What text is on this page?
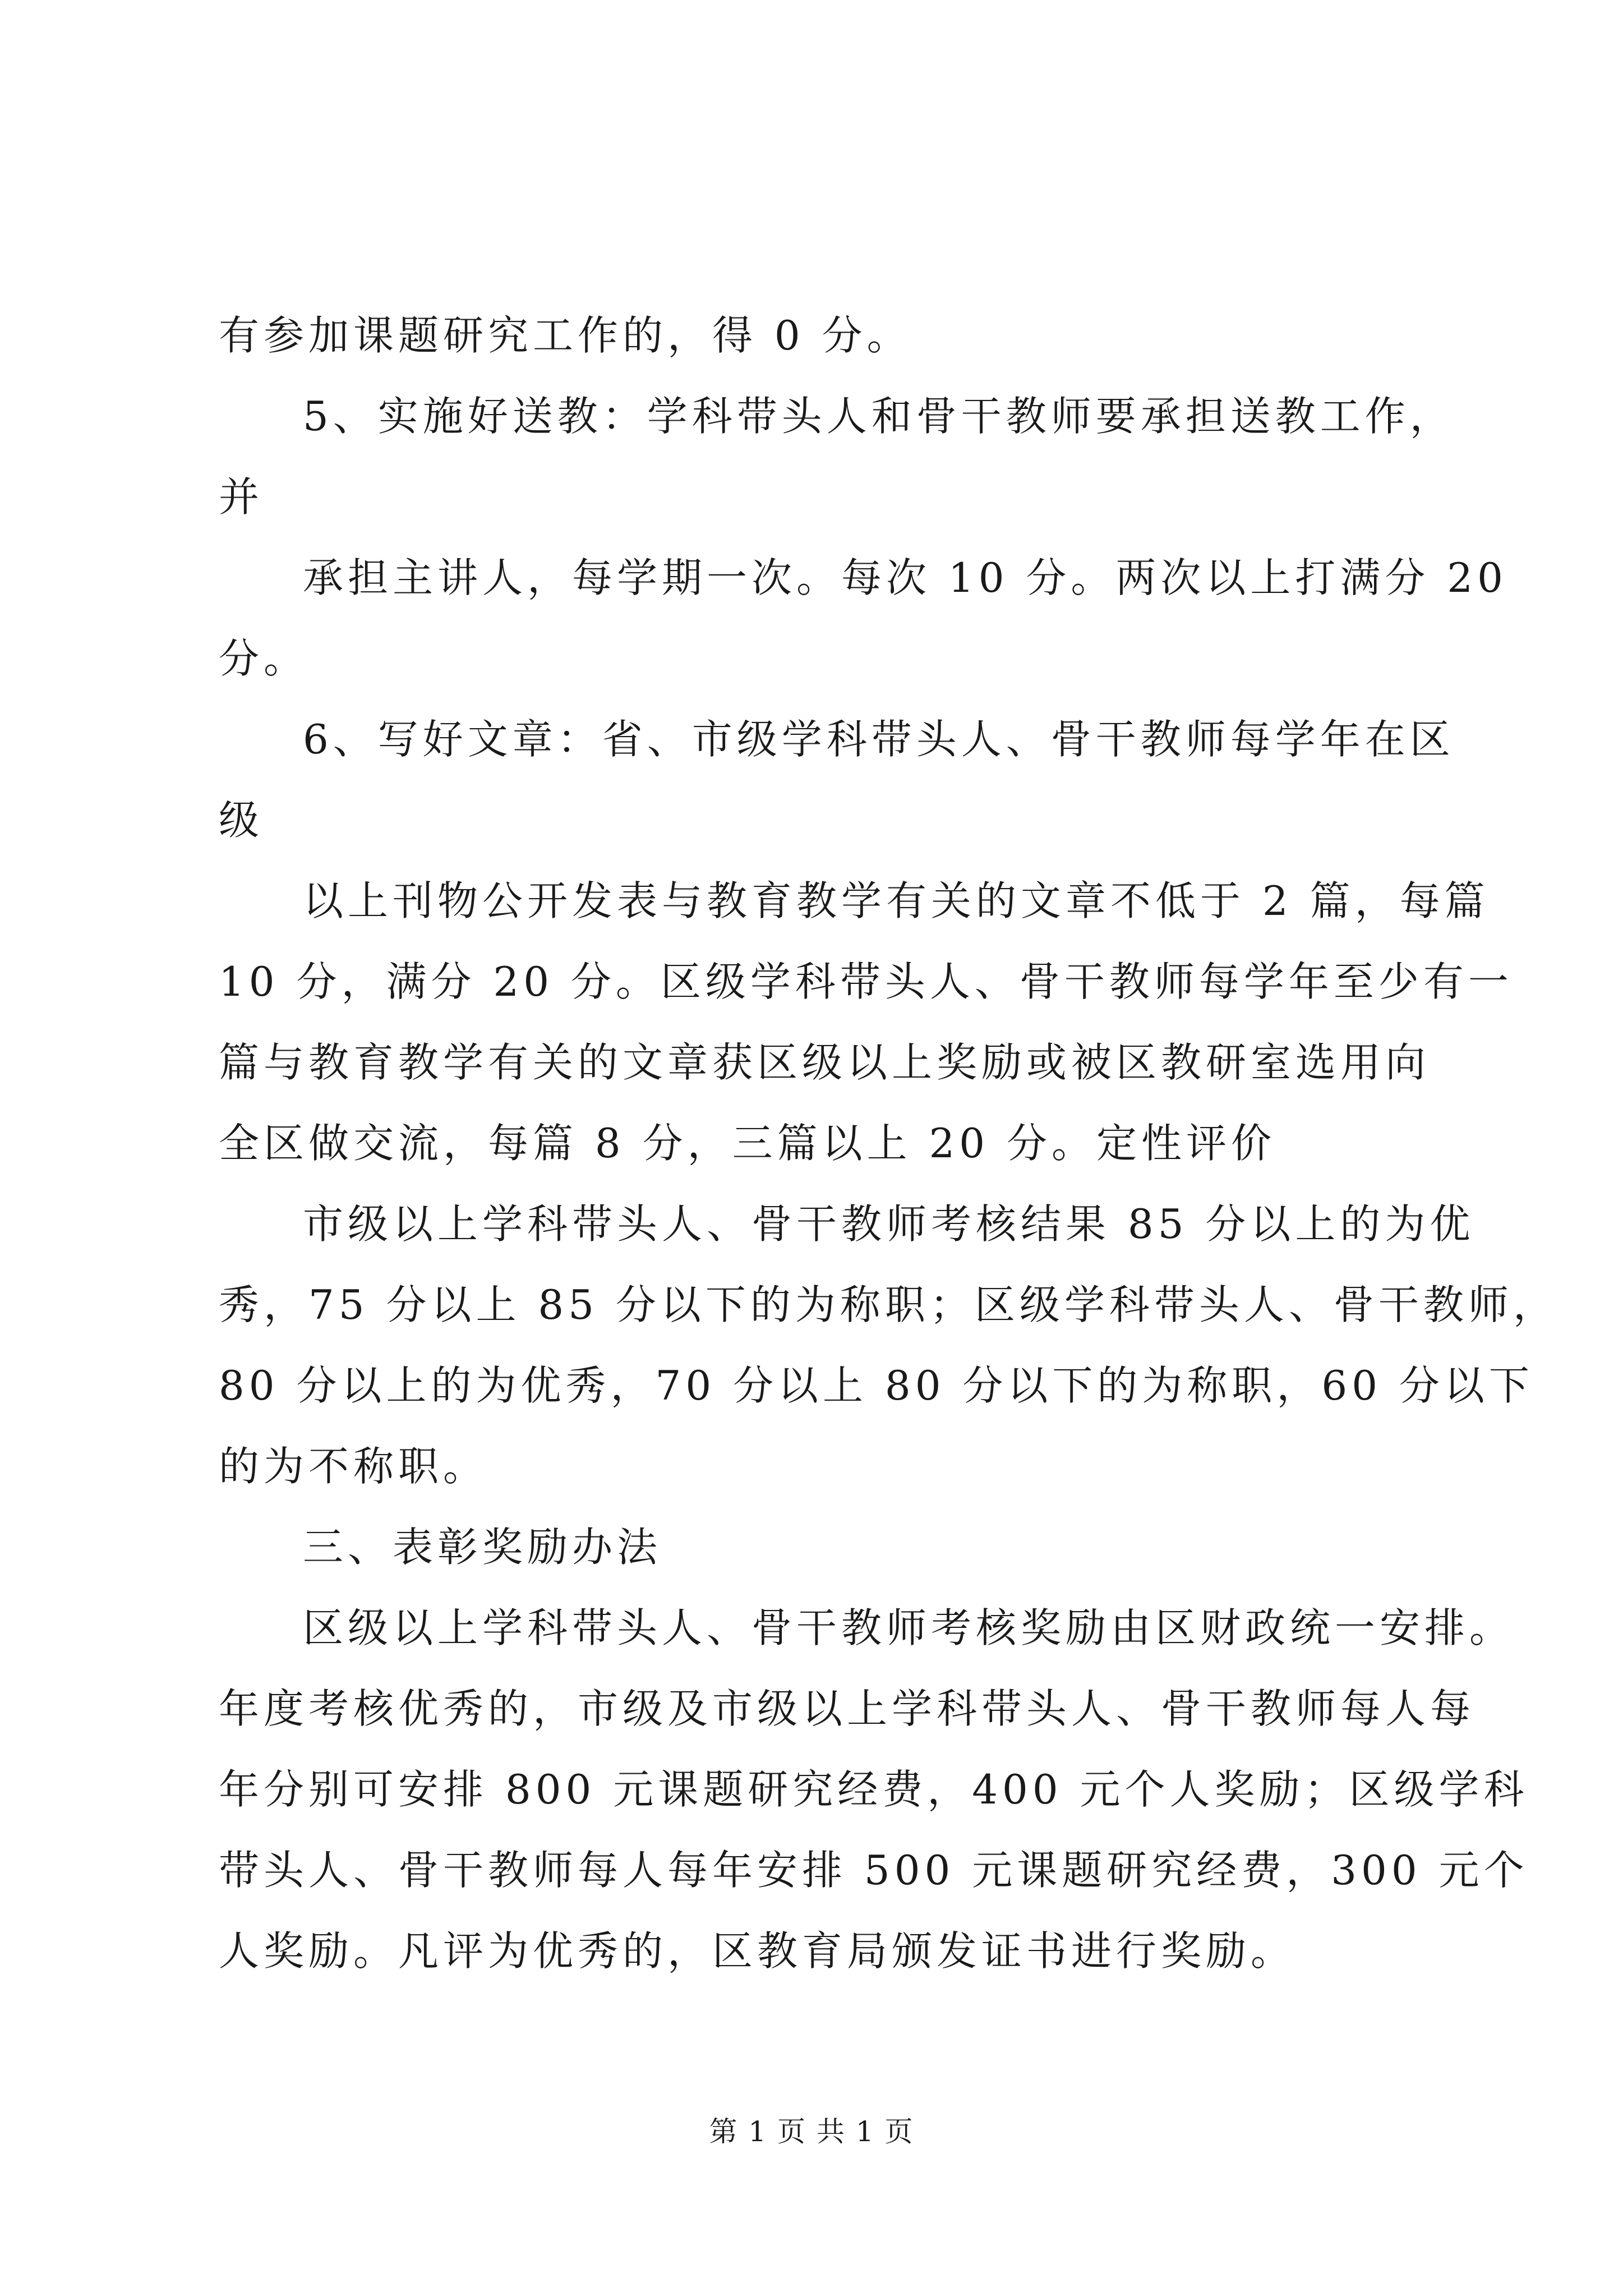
有参加课题研究工作的，得 0 分。
5、实施好送教：学科带头人和骨干教师要承担送教工作，
并
承担主讲人，每学期一次。每次 10 分。两次以上打满分 20
分。
6、写好文章：省、市级学科带头人、骨干教师每学年在区
级
以上刊物公开发表与教育教学有关的文章不低于 2 篇，每篇
10 分，满分 20 分。区级学科带头人、骨干教师每学年至少有一
篇与教育教学有关的文章获区级以上奖励或被区教研室选用向
全区做交流，每篇 8 分，三篇以上 20 分。定性评价
市级以上学科带头人、骨干教师考核结果 85 分以上的为优
秀，75 分以上 85 分以下的为称职；区级学科带头人、骨干教师，
80 分以上的为优秀，70 分以上 80 分以下的为称职，60 分以下
的为不称职。
三、表彰奖励办法
区级以上学科带头人、骨干教师考核奖励由区财政统一安排。
年度考核优秀的，市级及市级以上学科带头人、骨干教师每人每
年分别可安排 800 元课题研究经费，400 元个人奖励；区级学科
带头人、骨干教师每人每年安排 500 元课题研究经费，300 元个
人奖励。凡评为优秀的，区教育局颁发证书进行奖励。
第 1 页 共 1 页
